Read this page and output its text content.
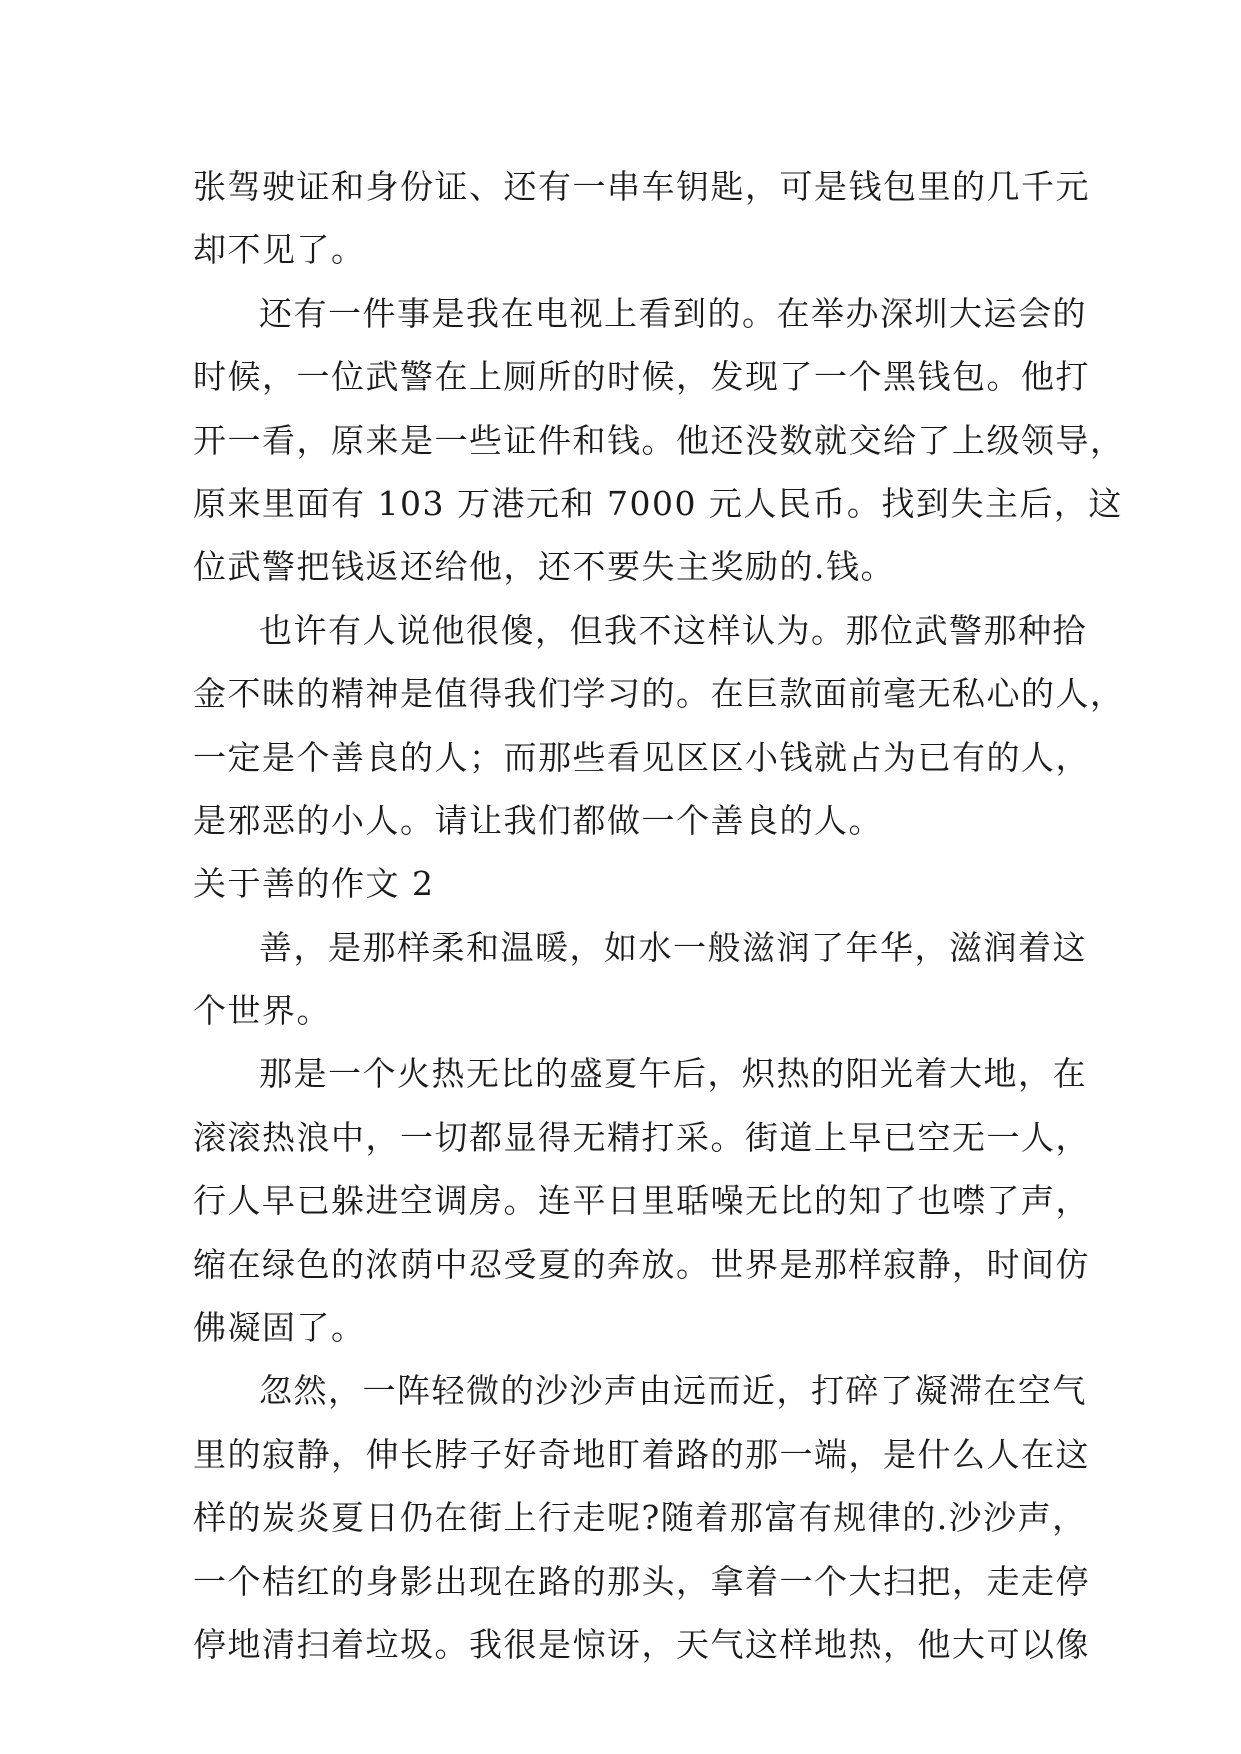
张驾驶证和身份证、还有一串车钥匙，可是钱包里的几千元
却不见了。
还有一件事是我在电视上看到的。在举办深圳大运会的
时候，一位武警在上厕所的时候，发现了一个黑钱包。他打
开一看，原来是一些证件和钱。他还没数就交给了上级领导，
原来里面有 103 万港元和 7000 元人民币。找到失主后，这
位武警把钱返还给他，还不要失主奖励的.钱。
也许有人说他很傻，但我不这样认为。那位武警那种拾
金不昧的精神是值得我们学习的。在巨款面前毫无私心的人，
一定是个善良的人；而那些看见区区小钱就占为已有的人，
是邪恶的小人。请让我们都做一个善良的人。
关于善的作文 2
善，是那样柔和温暖，如水一般滋润了年华，滋润着这
个世界。
那是一个火热无比的盛夏午后，炽热的阳光着大地，在
滚滚热浪中，一切都显得无精打采。街道上早已空无一人，
行人早已躲进空调房。连平日里聒噪无比的知了也噤了声，
缩在绿色的浓荫中忍受夏的奔放。世界是那样寂静，时间仿
佛凝固了。
忽然，一阵轻微的沙沙声由远而近，打碎了凝滞在空气
里的寂静，伸长脖子好奇地盯着路的那一端，是什么人在这
样的炭炎夏日仍在街上行走呢?随着那富有规律的.沙沙声，
一个桔红的身影出现在路的那头，拿着一个大扫把，走走停
停地清扫着垃圾。我很是惊讶，天气这样地热，他大可以像
